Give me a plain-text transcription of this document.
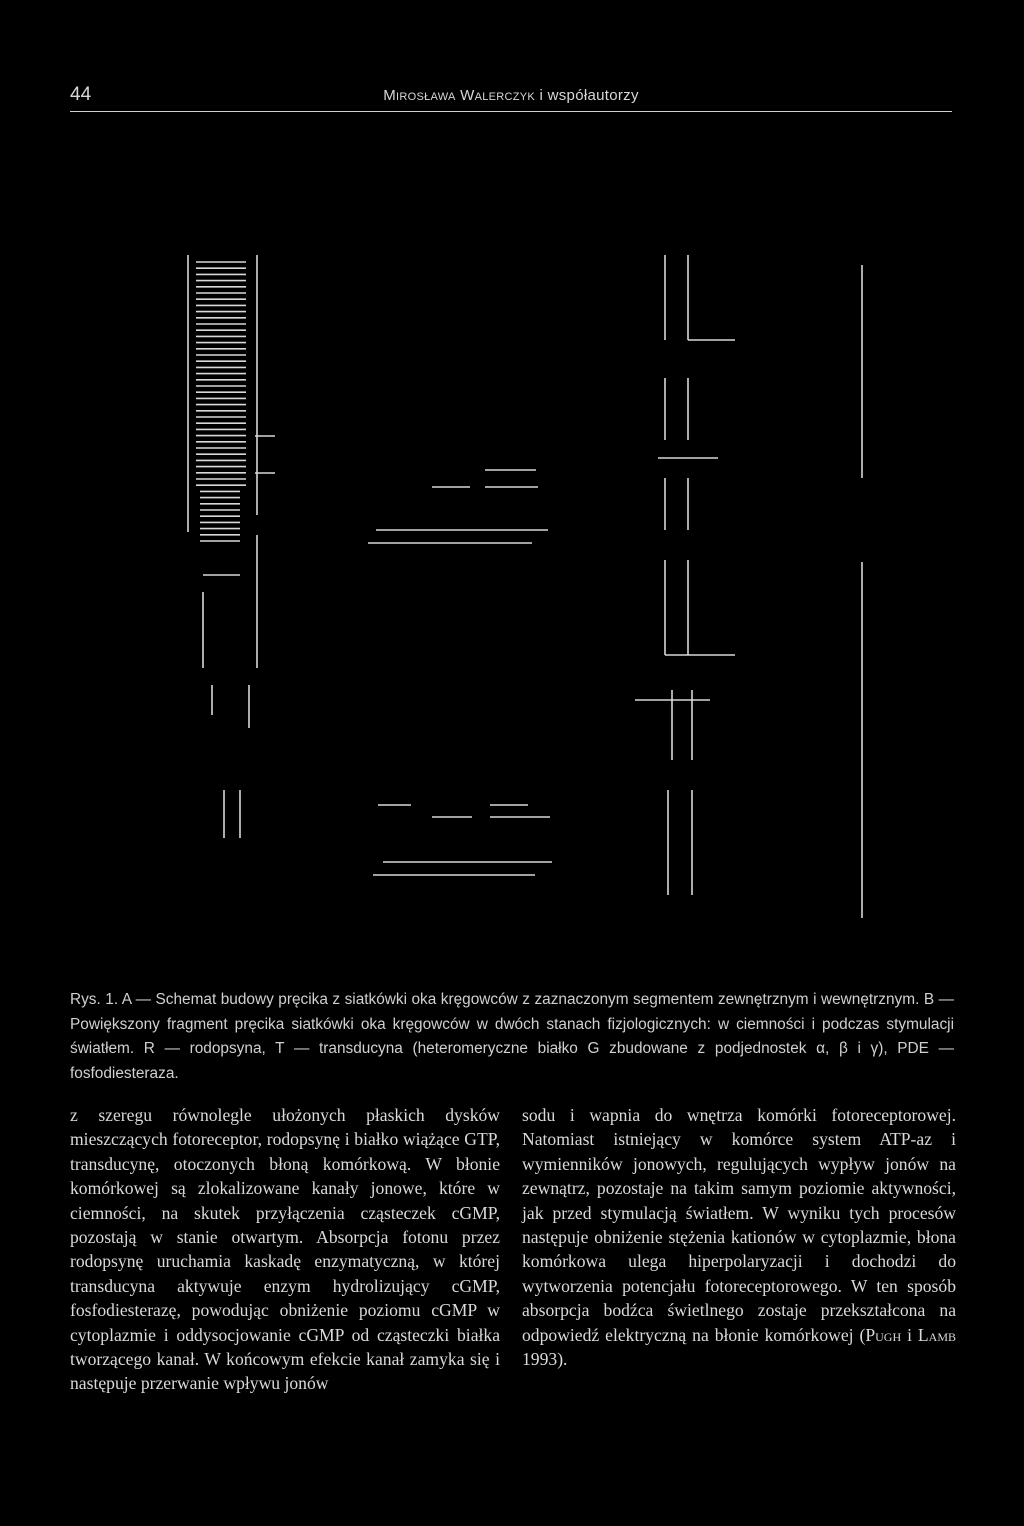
44	Mirosława Walerczyk i współautorzy
Rys. 1. A — Schemat budowy pręcika z siatkówki oka kręgowców z zaznaczonym segmentem zewnętrznym i wewnętrznym. B — Powiększony fragment pręcika siatkówki oka kręgowców w dwóch stanach fizjologicznych: w ciemności i podczas stymulacji światłem. R — rodopsyna, T — transducyna (heteromeryczne białko G zbudowane z podjednostek α, β i γ), PDE — fosfodiesteraza.
z szeregu równolegle ułożonych płaskich dysków mieszczących fotoreceptor, rodopsynę i białko wiążące GTP, transducynę, otoczonych błoną komórkową. W błonie komórkowej są zlokalizowane kanały jonowe, które w ciemności, na skutek przyłączenia cząsteczek cGMP, pozostają w stanie otwartym. Absorpcja fotonu przez rodopsynę uruchamia kaskadę enzymatyczną, w której transducyna aktywuje enzym hydrolizujący cGMP, fosfodiesterazę, powodując obniżenie poziomu cGMP w cytoplazmie i oddysocjowanie cGMP od cząsteczki białka tworzącego kanał. W końcowym efekcie kanał zamyka się i następuje przerwanie wpływu jonów
sodu i wapnia do wnętrza komórki fotoreceptorowej. Natomiast istniejący w komórce system ATP-az i wymienników jonowych, regulujących wypływ jonów na zewnątrz, pozostaje na takim samym poziomie aktywności, jak przed stymulacją światłem. W wyniku tych procesów następuje obniżenie stężenia kationów w cytoplazmie, błona komórkowa ulega hiperpolaryzacji i dochodzi do wytworzenia potencjału fotoreceptorowego. W ten sposób absorpcja bodźca świetlnego zostaje przekształcona na odpowiedź elektryczną na błonie komórkowej (Pugh i Lamb 1993).
